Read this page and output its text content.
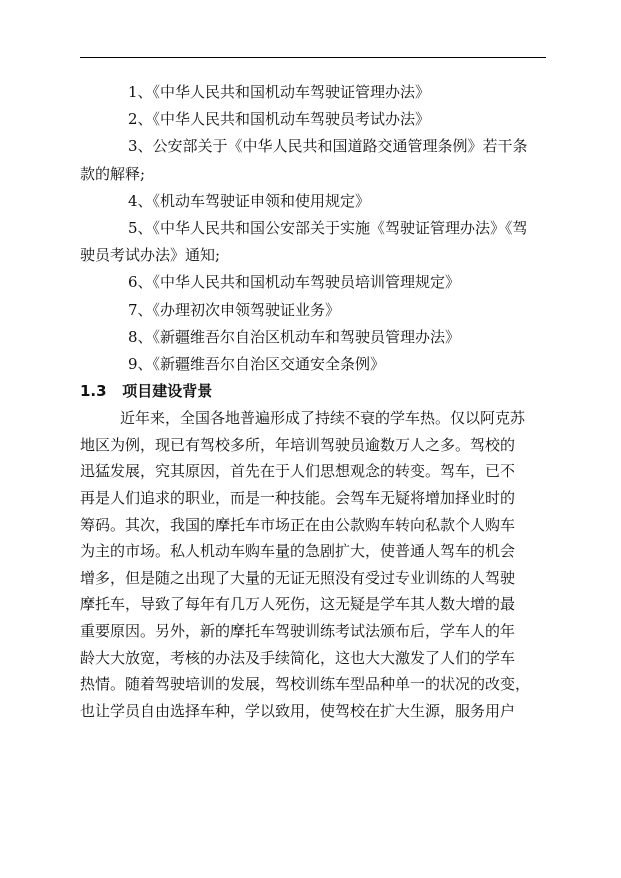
1、《中华人民共和国机动车驾驶证管理办法》

2、《中华人民共和国机动车驾驶员考试办法》

3、公安部关于《中华人民共和国道路交通管理条例》若干条

款的解释;

4、《机动车驾驶证申领和使用规定》

5、《中华人民共和国公安部关于实施《驾驶证管理办法》《驾

驶员考试办法》通知;

6、《中华人民共和国机动车驾驶员培训管理规定》

7、《办理初次申领驾驶证业务》

8、《新疆维吾尔自治区机动车和驾驶员管理办法》

9、《新疆维吾尔自治区交通安全条例》

1.3 项目建设背景
近年来，全国各地普遍形成了持续不衰的学车热。仅以阿克苏
地区为例，现已有驾校多所，年培训驾驶员逾数万人之多。驾校的
迅猛发展，究其原因，首先在于人们思想观念的转变。驾车，已不
再是人们追求的职业，而是一种技能。会驾车无疑将增加择业时的
筹码。其次，我国的摩托车市场正在由公款购车转向私款个人购车
为主的市场。私人机动车购车量的急剧扩大，使普通人驾车的机会
增多，但是随之出现了大量的无证无照没有受过专业训练的人驾驶
摩托车，导致了每年有几万人死伤，这无疑是学车其人数大增的最
重要原因。另外，新的摩托车驾驶训练考试法颁布后，学车人的年
龄大大放宽，考核的办法及手续简化，这也大大激发了人们的学车
热情。随着驾驶培训的发展，驾校训练车型品种单一的状况的改变，
也让学员自由选择车种，学以致用，使驾校在扩大生源，服务用户
